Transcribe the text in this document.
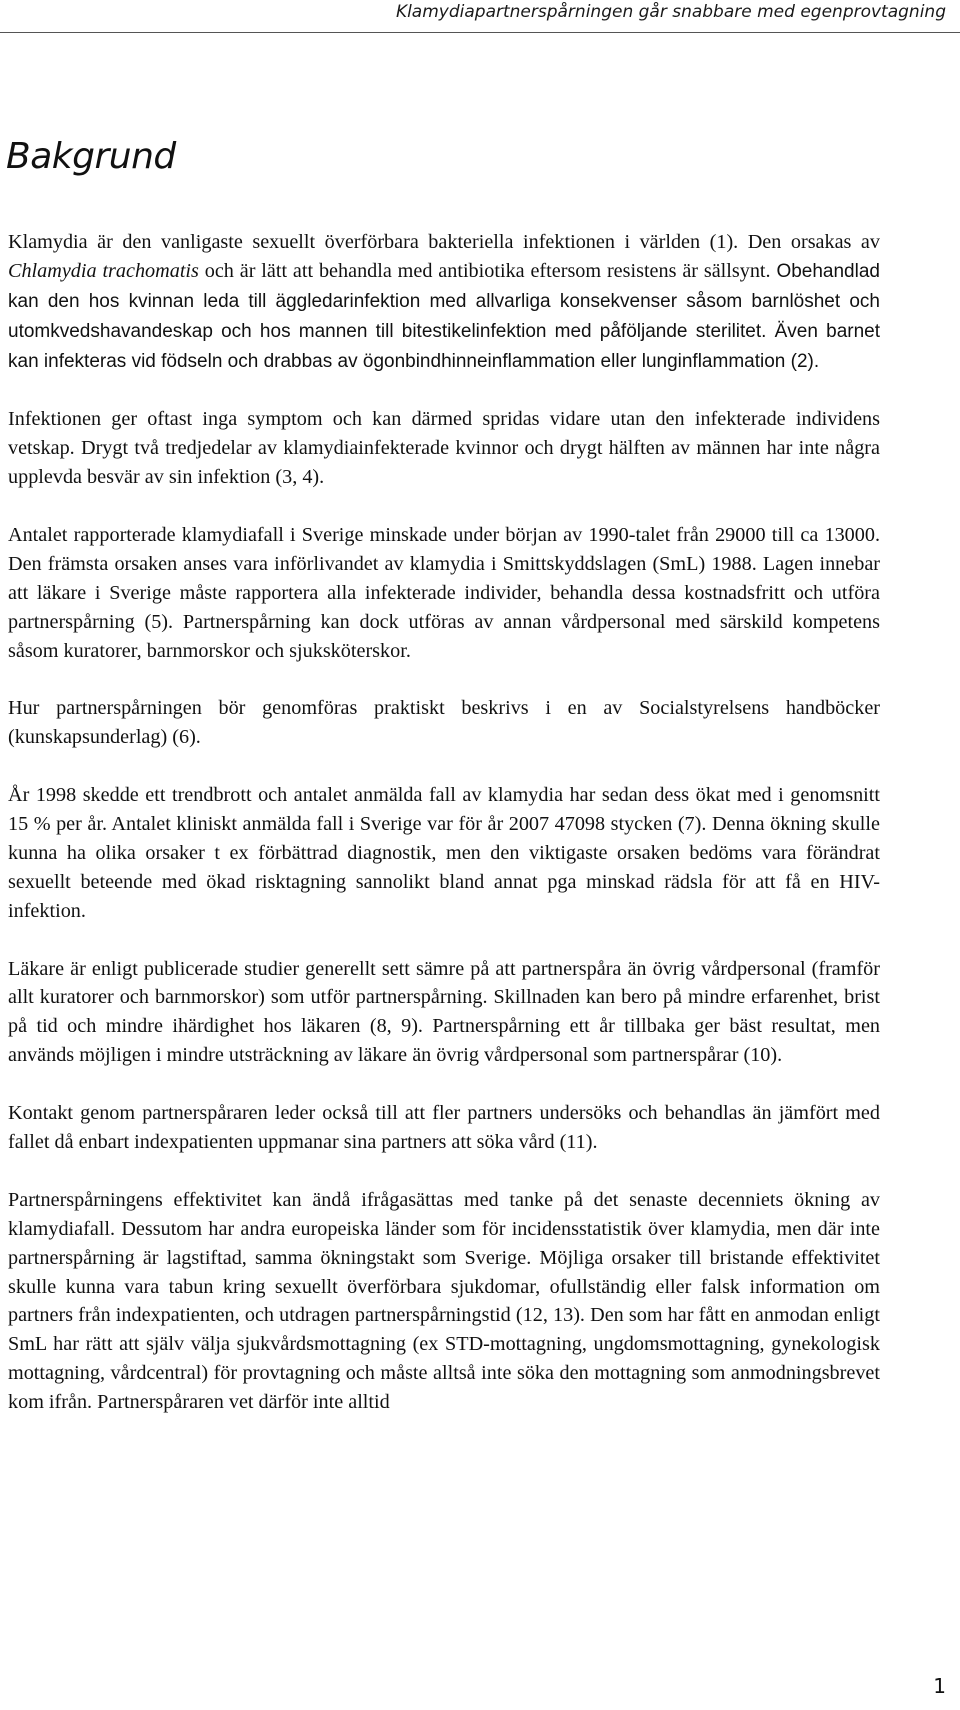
Klamydiapartnerspårningen går snabbare med egenprovtagning
Bakgrund

Klamydia är den vanligaste sexuellt överförbara bakteriella infektionen i världen (1). Den orsakas av Chlamydia trachomatis och är lätt att behandla med antibiotika eftersom resistens är sällsynt. Obehandlad kan den hos kvinnan leda till äggledarinfektion med allvarliga konsekvenser såsom barnlöshet och utomkvedshavandeskap och hos mannen till bitestikelinfektion med påföljande sterilitet. Även barnet kan infekteras vid födseln och drabbas av ögonbindhinneinflammation eller lunginflammation (2).

Infektionen ger oftast inga symptom och kan därmed spridas vidare utan den infekterade individens vetskap. Drygt två tredjedelar av klamydiainfekterade kvinnor och drygt hälften av männen har inte några upplevda besvär av sin infektion (3, 4).

Antalet rapporterade klamydiafall i Sverige minskade under början av 1990-talet från 29000 till ca 13000. Den främsta orsaken anses vara införlivandet av klamydia i Smittskyddslagen (SmL) 1988. Lagen innebar att läkare i Sverige måste rapportera alla infekterade individer, behandla dessa kostnadsfritt och utföra partnerspårning (5). Partnerspårning kan dock utföras av annan vårdpersonal med särskild kompetens såsom kuratorer, barnmorskor och sjuksköterskor.

Hur partnerspårningen bör genomföras praktiskt beskrivs i en av Socialstyrelsens handböcker (kunskapsunderlag) (6).

År 1998 skedde ett trendbrott och antalet anmälda fall av klamydia har sedan dess ökat med i genomsnitt 15 % per år. Antalet kliniskt anmälda fall i Sverige var för år 2007 47098 stycken (7). Denna ökning skulle kunna ha olika orsaker t ex förbättrad diagnostik, men den viktigaste orsaken bedöms vara förändrat sexuellt beteende med ökad risktagning sannolikt bland annat pga minskad rädsla för att få en HIV-infektion.

Läkare är enligt publicerade studier generellt sett sämre på att partnerspåra än övrig vårdpersonal (framför allt kuratorer och barnmorskor) som utför partnerspårning. Skillnaden kan bero på mindre erfarenhet, brist på tid och mindre ihärdighet hos läkaren (8, 9). Partnerspårning ett år tillbaka ger bäst resultat, men används möjligen i mindre utsträckning av läkare än övrig vårdpersonal som partnerspårar (10).

Kontakt genom partnerspåraren leder också till att fler partners undersöks och behandlas än jämfört med fallet då enbart indexpatienten uppmanar sina partners att söka vård (11).

Partnerspårningens effektivitet kan ändå ifrågasättas med tanke på det senaste decenniets ökning av klamydiafall. Dessutom har andra europeiska länder som för incidensstatistik över klamydia, men där inte partnerspårning är lagstiftad, samma ökningstakt som Sverige. Möjliga orsaker till bristande effektivitet skulle kunna vara tabun kring sexuellt överförbara sjukdomar, ofullständig eller falsk information om partners från indexpatienten, och utdragen partnerspårningstid (12, 13). Den som har fått en anmodan enligt SmL har rätt att själv välja sjukvårdsmottagning (ex STD-mottagning, ungdomsmottagning, gynekologisk mottagning, vårdcentral) för provtagning och måste alltså inte söka den mottagning som anmodningsbrevet kom ifrån. Partnerspåraren vet därför inte alltid

1
